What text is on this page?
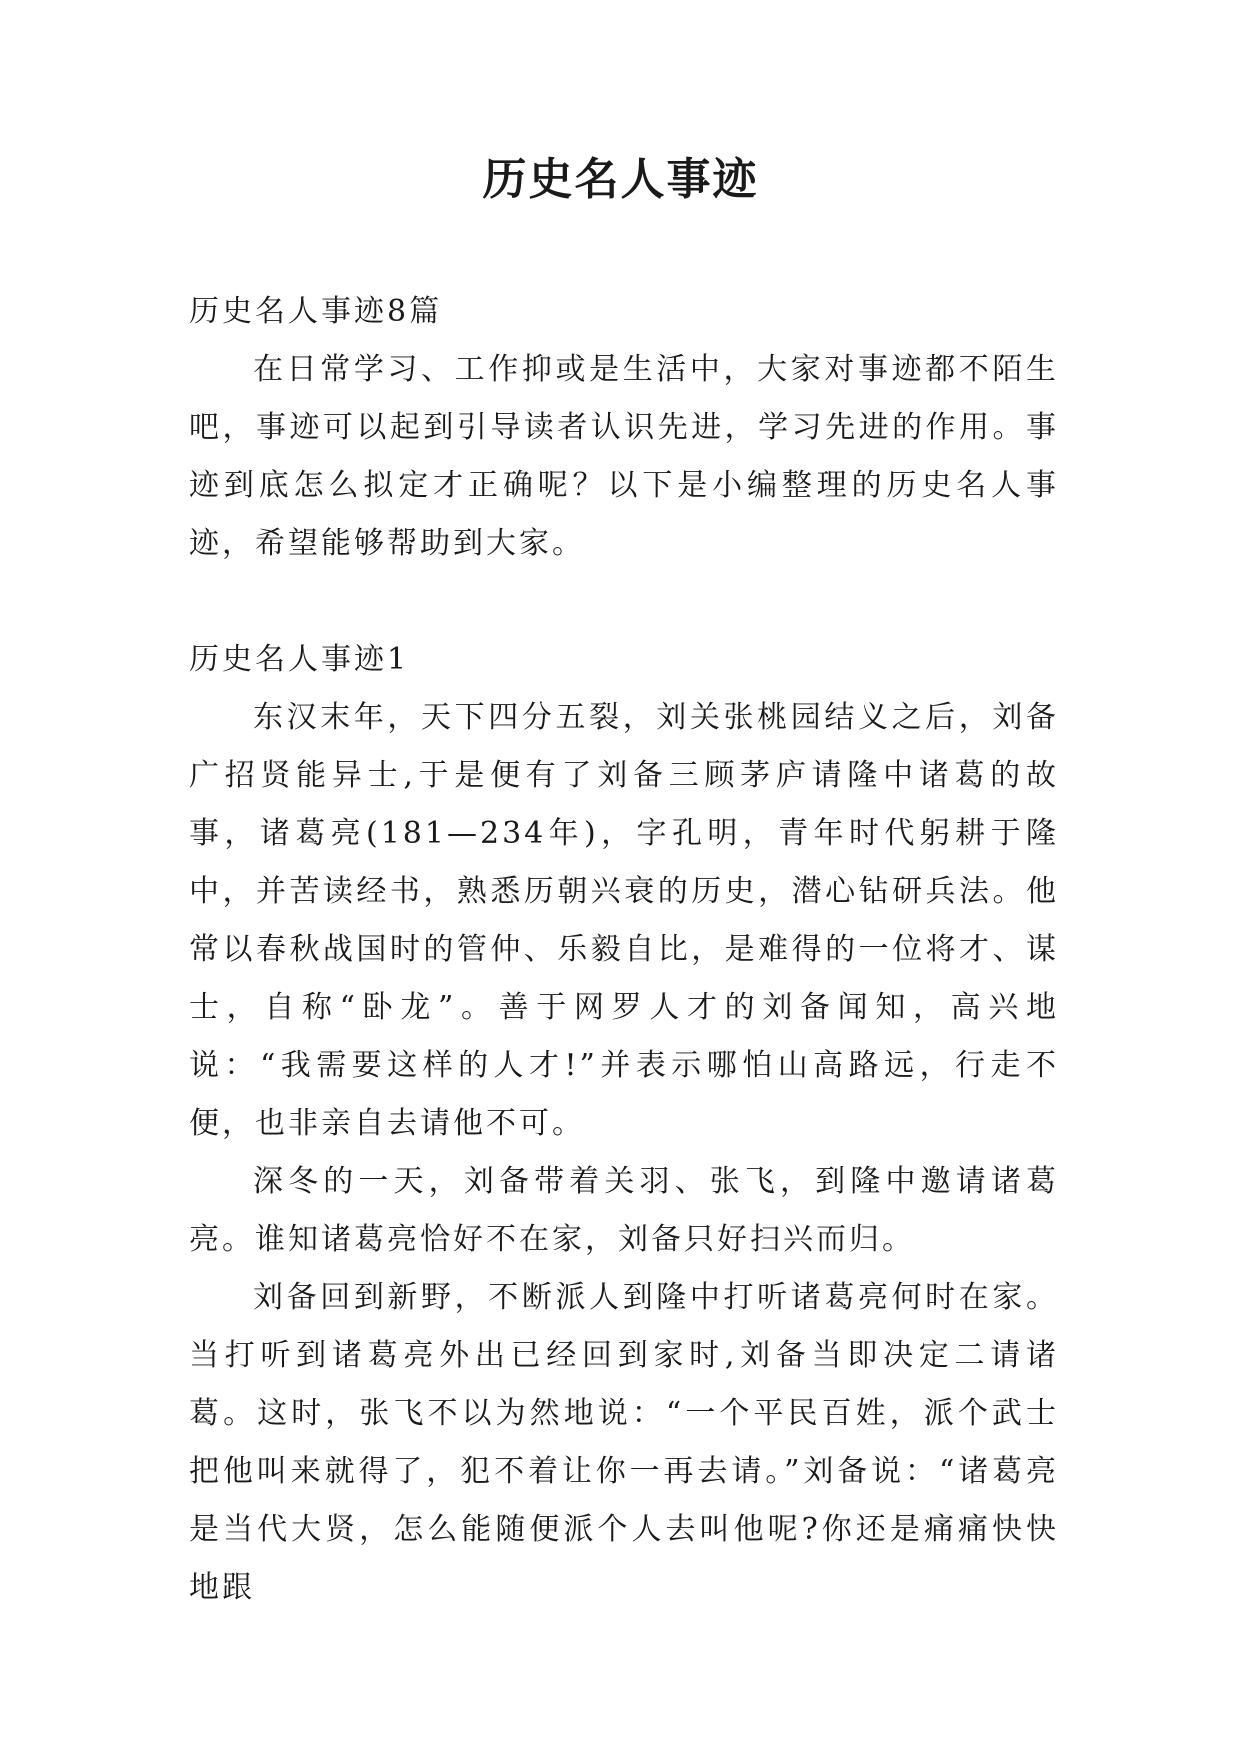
历史名人事迹

历史名人事迹8篇

在日常学习、工作抑或是生活中，大家对事迹都不陌生吧，事迹可以起到引导读者认识先进，学习先进的作用。事迹到底怎么拟定才正确呢？以下是小编整理的历史名人事迹，希望能够帮助到大家。

历史名人事迹1

东汉末年，天下四分五裂，刘关张桃园结义之后，刘备广招贤能异士,于是便有了刘备三顾茅庐请隆中诸葛的故事，诸葛亮(181—234年)，字孔明，青年时代躬耕于隆中，并苦读经书，熟悉历朝兴衰的历史，潜心钻研兵法。他常以春秋战国时的管仲、乐毅自比，是难得的一位将才、谋士，自称“卧龙”。善于网罗人才的刘备闻知，高兴地说：“我需要这样的人才!”并表示哪怕山高路远，行走不便，也非亲自去请他不可。

深冬的一天，刘备带着关羽、张飞，到隆中邀请诸葛亮。谁知诸葛亮恰好不在家，刘备只好扫兴而归。

刘备回到新野，不断派人到隆中打听诸葛亮何时在家。当打听到诸葛亮外出已经回到家时,刘备当即决定二请诸葛。这时，张飞不以为然地说：“一个平民百姓，派个武士把他叫来就得了，犯不着让你一再去请。”刘备说：“诸葛亮是当代大贤，怎么能随便派个人去叫他呢?你还是痛痛快快地跟
